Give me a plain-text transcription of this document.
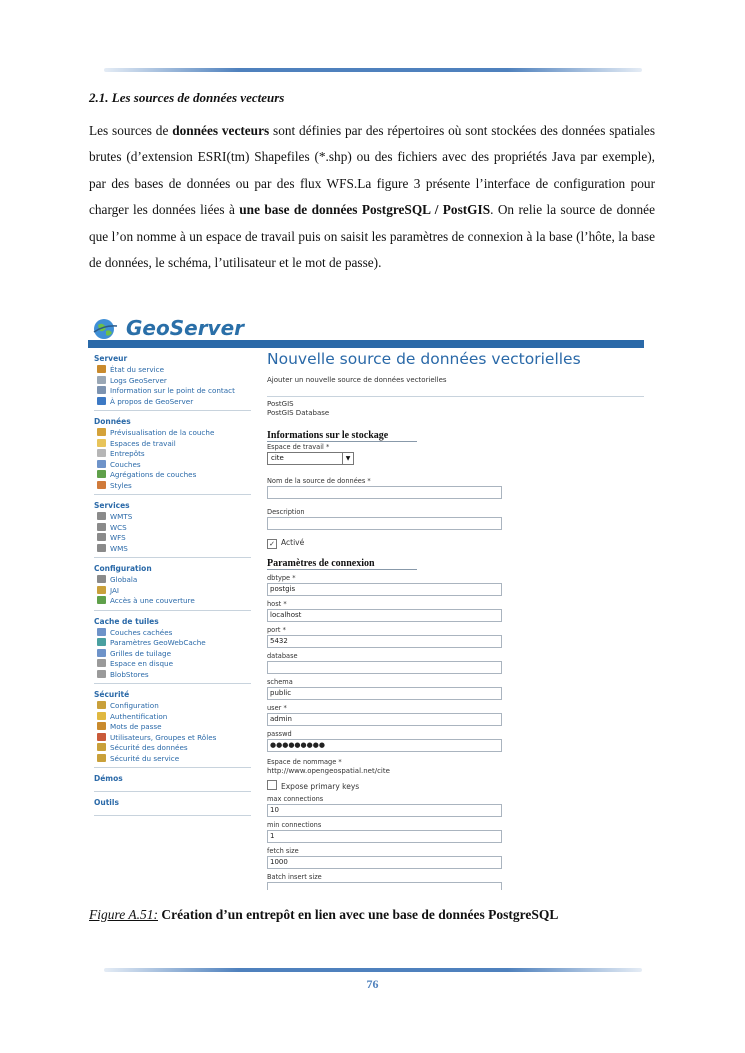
2.1. Les sources de données vecteurs

Les sources de données vecteurs sont définies par des répertoires où sont stockées des données spatiales brutes (d’extension ESRI(tm) Shapefiles (*.shp) ou des fichiers avec des propriétés Java par exemple), par des bases de données ou par des flux WFS.La figure 3 présente l’interface de configuration pour charger les données liées à une base de données PostgreSQL / PostGIS. On relie la source de donnée que l’on nomme à un espace de travail puis on saisit les paramètres de connexion à la base (l’hôte, la base de données, le schéma, l’utilisateur et le mot de passe).

GeoServer
Serveur
État du service
Logs GeoServer
Information sur le point de contact
À propos de GeoServer
Données
Prévisualisation de la couche
Espaces de travail
Entrepôts
Couches
Agrégations de couches
Styles
Services
WMTS
WCS
WFS
WMS
Configuration
Globala
JAI
Accès à une couverture
Cache de tuiles
Couches cachées
Paramètres GeoWebCache
Grilles de tuilage
Espace en disque
BlobStores
Sécurité
Configuration
Authentification
Mots de passe
Utilisateurs, Groupes et Rôles
Sécurité des données
Sécurité du service
Démos
Outils
Nouvelle source de données vectorielles
Ajouter un nouvelle source de données vectorielles
PostGIS
PostGIS Database
Informations sur le stockage
Espace de travail *
cite	▼
Nom de la source de données *
Description
✓ Activé
Paramètres de connexion
dbtype *
postgis
host *
localhost
port *
5432
database
schema
public
user *
admin
passwd
●●●●●●●●●
Espace de nommage *
http://www.opengeospatial.net/cite
Expose primary keys
max connections
10
min connections
1
fetch size
1000
Batch insert size
Figure A.51: Création d’un entrepôt en lien avec une base de données PostgreSQL
76
